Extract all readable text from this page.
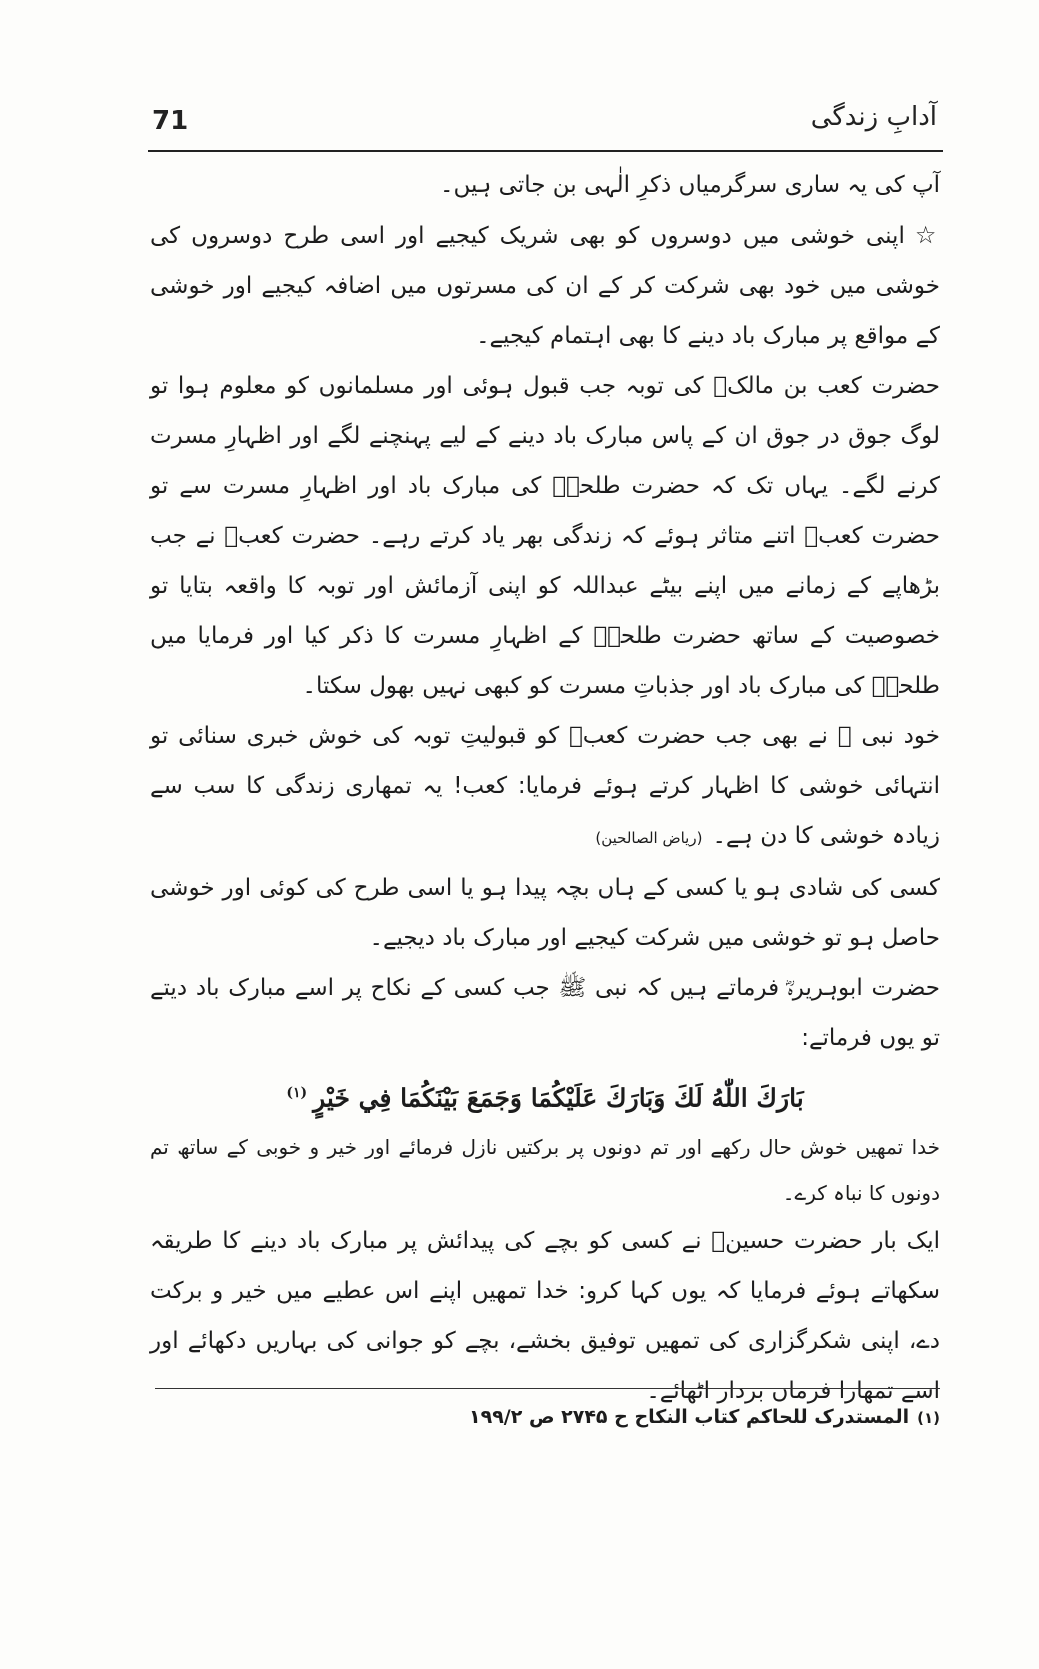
71	آدابِ زندگی

آپ کی یہ ساری سرگرمیاں ذکرِ الٰہی بن جاتی ہیں۔

☆اپنی خوشی میں دوسروں کو بھی شریک کیجیے اور اسی طرح دوسروں کی خوشی میں خود بھی شرکت کر کے ان کی مسرتوں میں اضافہ کیجیے اور خوشی کے مواقع پر مبارک باد دینے کا بھی اہتمام کیجیے۔

حضرت کعب بن مالکؓ کی توبہ جب قبول ہوئی اور مسلمانوں کو معلوم ہوا تو لوگ جوق در جوق ان کے پاس مبارک باد دینے کے لیے پہنچنے لگے اور اظہارِ مسرت کرنے لگے۔ یہاں تک کہ حضرت طلحہؓ کی مبارک باد اور اظہارِ مسرت سے تو حضرت کعبؓ اتنے متاثر ہوئے کہ زندگی بھر یاد کرتے رہے۔ حضرت کعبؓ نے جب بڑھاپے کے زمانے میں اپنے بیٹے عبداللہ کو اپنی آزمائش اور توبہ کا واقعہ بتایا تو خصوصیت کے ساتھ حضرت طلحہؓ کے اظہارِ مسرت کا ذکر کیا اور فرمایا میں طلحہؓ کی مبارک باد اور جذباتِ مسرت کو کبھی نہیں بھول سکتا۔

خود نبی ﷺ نے بھی جب حضرت کعبؓ کو قبولیتِ توبہ کی خوش خبری سنائی تو انتہائی خوشی کا اظہار کرتے ہوئے فرمایا: کعب! یہ تمھاری زندگی کا سب سے زیادہ خوشی کا دن ہے۔(ریاض الصالحین)

کسی کی شادی ہو یا کسی کے ہاں بچہ پیدا ہو یا اسی طرح کی کوئی اور خوشی حاصل ہو تو خوشی میں شرکت کیجیے اور مبارک باد دیجیے۔

حضرت ابوہریرہؓ فرماتے ہیں کہ نبی ﷺ جب کسی کے نکاح پر اسے مبارک باد دیتے تو یوں فرماتے:

بَارَكَ اللّٰهُ لَكَ وَبَارَكَ عَلَيْكُمَا وَجَمَعَ بَيْنَكُمَا فِي خَيْرٍ$^{(۱)}$

خدا تمھیں خوش حال رکھے اور تم دونوں پر برکتیں نازل فرمائے اور خیر و خوبی کے ساتھ تم دونوں کا نباہ کرے۔

ایک بار حضرت حسینؓ نے کسی کو بچے کی پیدائش پر مبارک باد دینے کا طریقہ سکھاتے ہوئے فرمایا کہ یوں کہا کرو: خدا تمھیں اپنے اس عطیے میں خیر و برکت دے، اپنی شکرگزاری کی تمھیں توفیق بخشے، بچے کو جوانی کی بہاریں دکھائے اور اسے تمھارا فرماں بردار اٹھائے۔

(۱)المستدرک للحاکم کتاب النکاح ح ۲۷۴۵ ص ۱۹۹/۲
